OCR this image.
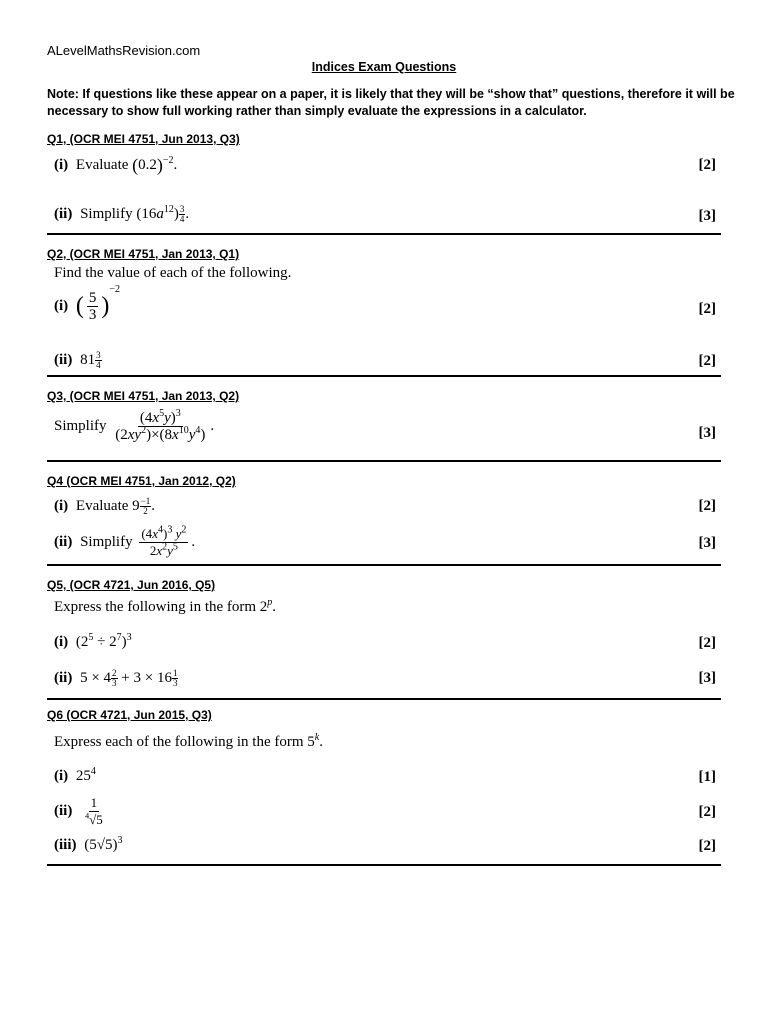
ALevelMathsRevision.com
Indices Exam Questions
Note: If questions like these appear on a paper, it is likely that they will be “show that” questions, therefore it will be necessary to show full working rather than simply evaluate the expressions in a calculator.
Q1, (OCR MEI 4751, Jun 2013, Q3)
(i) Evaluate $(0.2)^{-2}$.	[2]
(ii) Simplify $(16a^{12}) \frac{3}{4}$ .	[3]
Q2, (OCR MEI 4751, Jan 2013, Q1)
Find the value of each of the following.
(i) ( $\frac{5}{3} )^{-2}$
[2]
(ii) $81 \frac{3}{4}$	[2]
Q3, (OCR MEI 4751, Jan 2013, Q2)
Simplify $\frac{(4x^5y)^3}{(2xy^2)\times(8x^{10}y^4)}$ .	[3]
Q4 (OCR MEI 4751, Jan 2012, Q2)
(i) Evaluate $9 \frac{-1}{2}$ .	[2]
(ii) Simplify $\frac{(4x^4)^3 y^2}{2x^2y^5}$ .	[3]
Q5, (OCR 4721, Jun 2016, Q5)
Express the following in the form 2$^p$.
(i) $(2^5 \div 2^7)^3$	[2]
(ii) $5 \times 4 \frac{2}{3} + 3 \times 16 \frac{1}{3}$	[3]
Q6 (OCR 4721, Jun 2015, Q3)
Express each of the following in the form 5$^k$.
(i) $25^4$	[1]
$(ii) \frac{1}{^4√5}$	[2]
(iii) $(5√5)^3$	[2]
